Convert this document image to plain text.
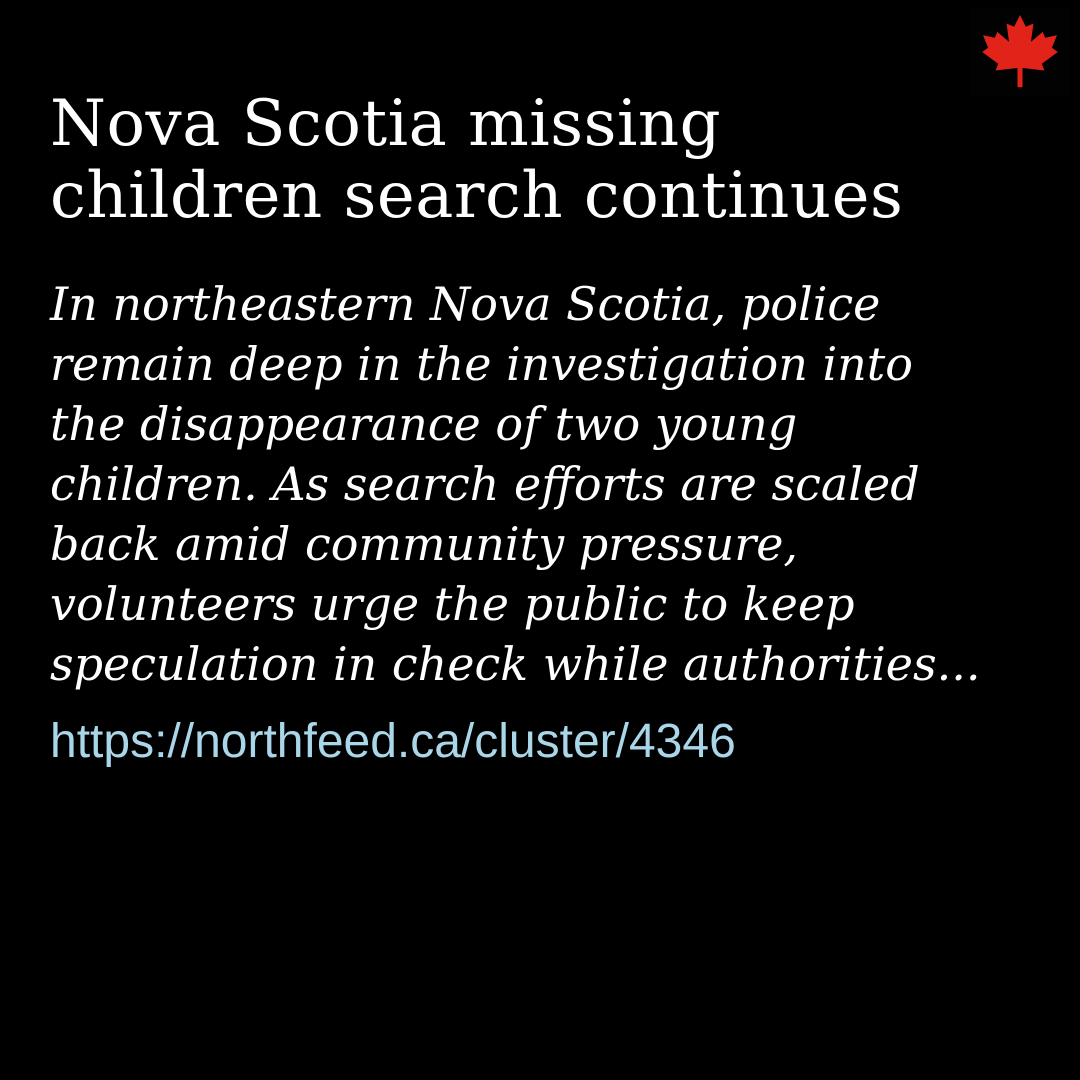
Nova Scotia missing
children search continues

In northeastern Nova Scotia, police
remain deep in the investigation into
the disappearance of two young
children. As search efforts are scaled
back amid community pressure,
volunteers urge the public to keep
speculation in check while authorities...

https://northfeed.ca/cluster/4346
